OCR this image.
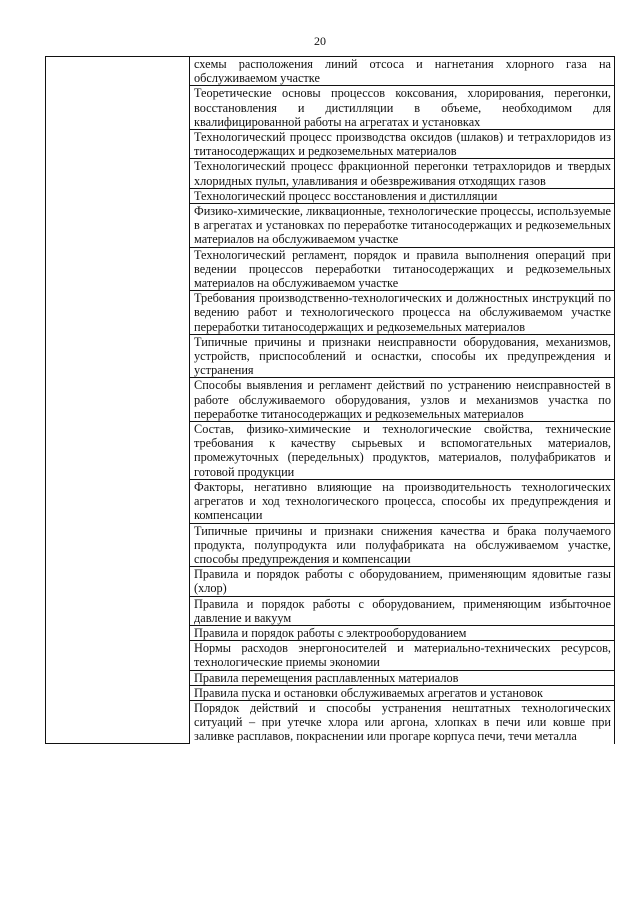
20
	схемы расположения линий отсоса и нагнетания хлорного газа на обслуживаемом участке
Теоретические основы процессов коксования, хлорирования, перегонки, восстановления и дистилляции в объеме, необходимом для квалифицированной работы на агрегатах и установках
Технологический процесс производства оксидов (шлаков) и тетрахлоридов из титаносодержащих и редкоземельных материалов
Технологический процесс фракционной перегонки тетрахлоридов и твердых хлоридных пульп, улавливания и обезвреживания отходящих газов
Технологический процесс восстановления и дистилляции
Физико-химические, ликвационные, технологические процессы, используемые в агрегатах и установках по переработке титаносодержащих и редкоземельных материалов на обслуживаемом участке
Технологический регламент, порядок и правила выполнения операций при ведении процессов переработки титаносодержащих и редкоземельных материалов на обслуживаемом участке
Требования производственно-технологических и должностных инструкций по ведению работ и технологического процесса на обслуживаемом участке переработки титаносодержащих и редкоземельных материалов
Типичные причины и признаки неисправности оборудования, механизмов, устройств, приспособлений и оснастки, способы их предупреждения и устранения
Способы выявления и регламент действий по устранению неисправностей в работе обслуживаемого оборудования, узлов и механизмов участка по переработке титаносодержащих и редкоземельных материалов
Состав, физико-химические и технологические свойства, технические требования к качеству сырьевых и вспомогательных материалов, промежуточных (передельных) продуктов, материалов, полуфабрикатов и готовой продукции
Факторы, негативно влияющие на производительность технологических агрегатов и ход технологического процесса, способы их предупреждения и компенсации
Типичные причины и признаки снижения качества и брака получаемого продукта, полупродукта или полуфабриката на обслуживаемом участке, способы предупреждения и компенсации
Правила и порядок работы с оборудованием, применяющим ядовитые газы (хлор)
Правила и порядок работы с оборудованием, применяющим избыточное давление и вакуум
Правила и порядок работы с электрооборудованием
Нормы расходов энергоносителей и материально-технических ресурсов, технологические приемы экономии
Правила перемещения расплавленных материалов
Правила пуска и остановки обслуживаемых агрегатов и установок
Порядок действий и способы устранения нештатных технологических ситуаций – при утечке хлора или аргона, хлопках в печи или ковше при заливке расплавов, покраснении или прогаре корпуса печи, течи металла
